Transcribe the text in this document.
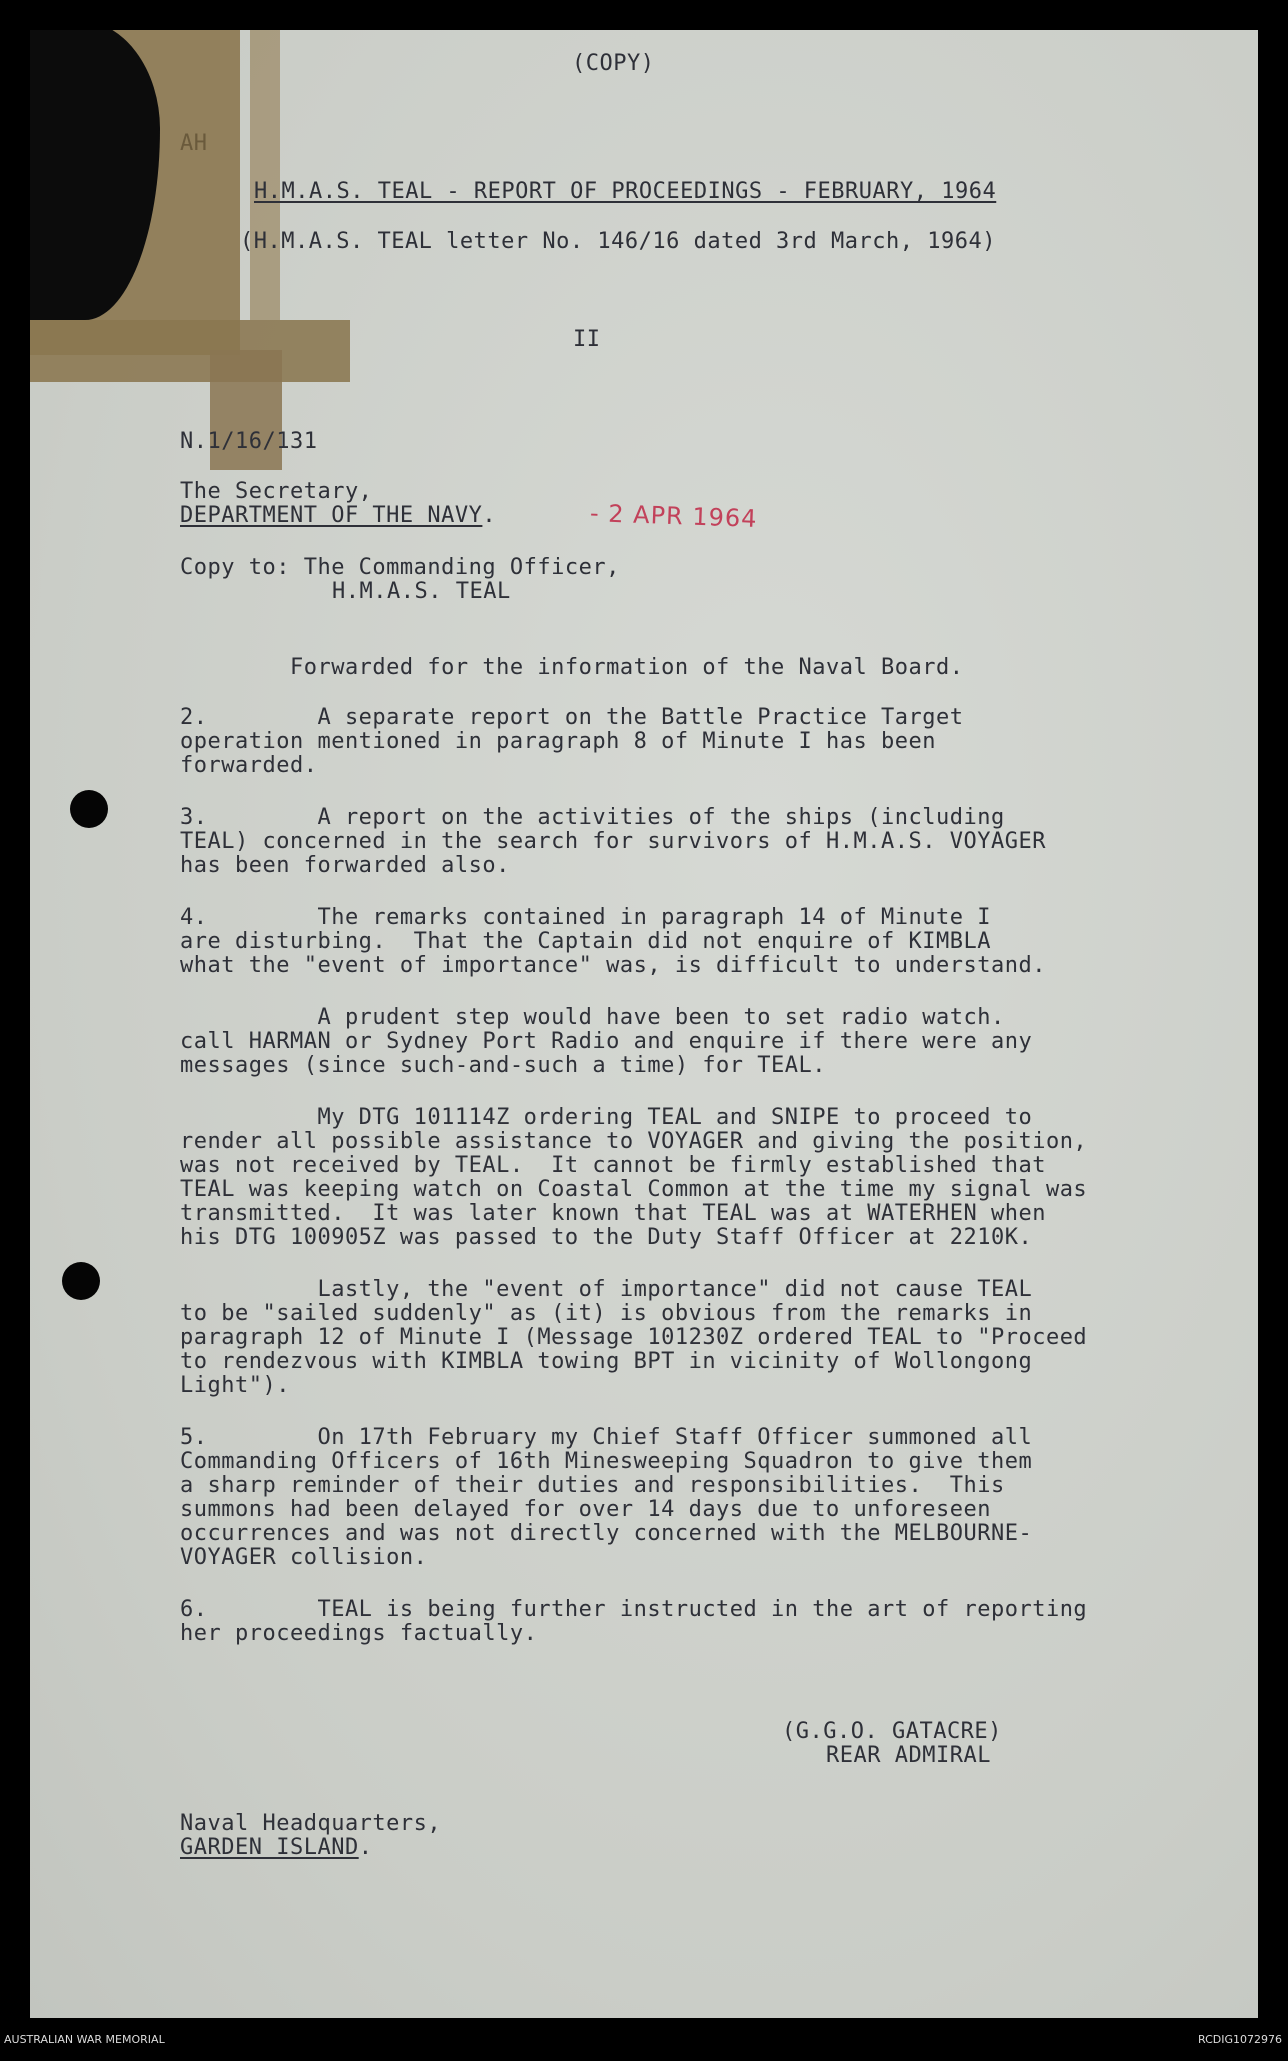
(COPY)
AH
H.M.A.S. TEAL - REPORT OF PROCEEDINGS - FEBRUARY, 1964
(H.M.A.S. TEAL letter No. 146/16 dated 3rd March, 1964)
II
N.1/16/131
The Secretary,
DEPARTMENT OF THE NAVY.	- 2 APR 1964
Copy to: The Commanding Officer,
H.M.A.S. TEAL
Forwarded for the information of the Naval Board.
2.        A separate report on the Battle Practice Target
operation mentioned in paragraph 8 of Minute I has been
forwarded.
3.        A report on the activities of the ships (including
TEAL) concerned in the search for survivors of H.M.A.S. VOYAGER
has been forwarded also.
4.        The remarks contained in paragraph 14 of Minute I
are disturbing.  That the Captain did not enquire of KIMBLA
what the "event of importance" was, is difficult to understand.
A prudent step would have been to set radio watch.
call HARMAN or Sydney Port Radio and enquire if there were any
messages (since such-and-such a time) for TEAL.
My DTG 101114Z ordering TEAL and SNIPE to proceed to
render all possible assistance to VOYAGER and giving the position,
was not received by TEAL.  It cannot be firmly established that
TEAL was keeping watch on Coastal Common at the time my signal was
transmitted.  It was later known that TEAL was at WATERHEN when
his DTG 100905Z was passed to the Duty Staff Officer at 2210K.
Lastly, the "event of importance" did not cause TEAL
to be "sailed suddenly" as (it) is obvious from the remarks in
paragraph 12 of Minute I (Message 101230Z ordered TEAL to "Proceed
to rendezvous with KIMBLA towing BPT in vicinity of Wollongong
Light").
5.        On 17th February my Chief Staff Officer summoned all
Commanding Officers of 16th Minesweeping Squadron to give them
a sharp reminder of their duties and responsibilities.  This
summons had been delayed for over 14 days due to unforeseen
occurrences and was not directly concerned with the MELBOURNE-
VOYAGER collision.
6.        TEAL is being further instructed in the art of reporting
her proceedings factually.
(G.G.O. GATACRE)
REAR ADMIRAL
Naval Headquarters,
GARDEN ISLAND.
AUSTRALIAN WAR MEMORIAL	RCDIG1072976
